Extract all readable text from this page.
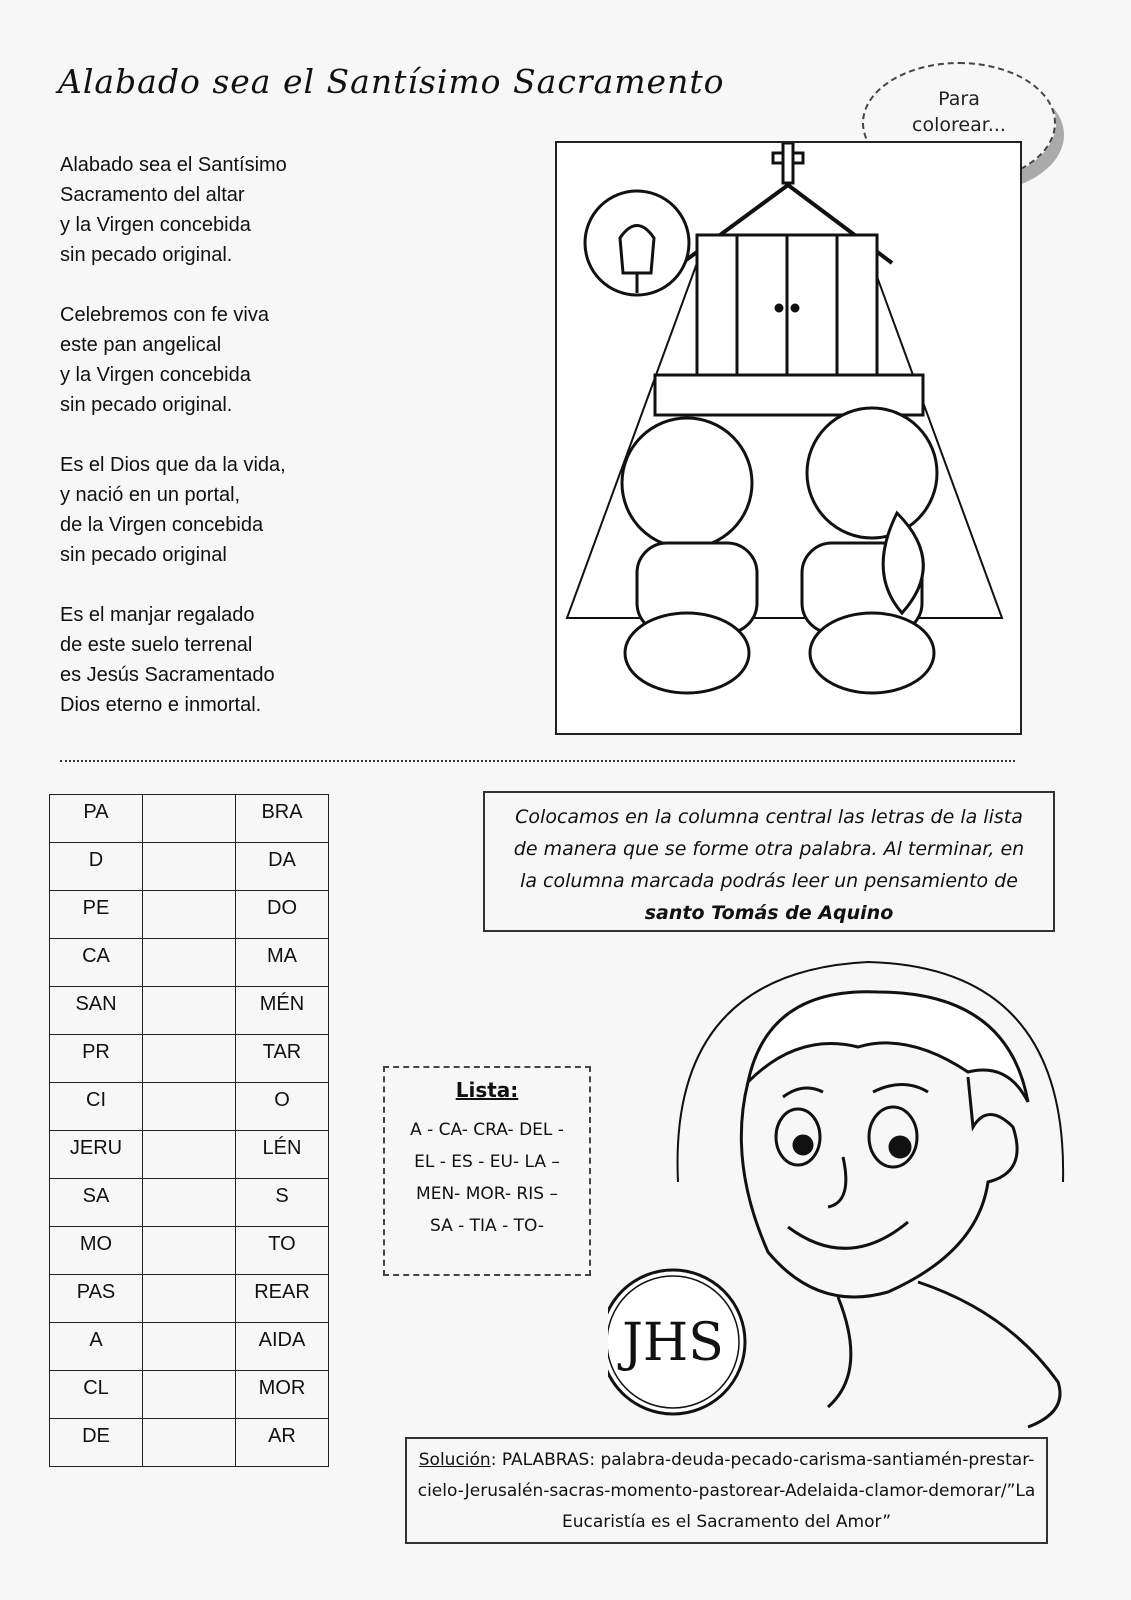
Alabado sea el Santísimo Sacramento	Para
colorear...
Alabado sea el Santísimo
Sacramento del altar
y la Virgen concebida
sin pecado original.
Celebremos con fe viva
este pan angelical
y la Virgen concebida
sin pecado original.
Es el Dios que da la vida,
y nació en un portal,
de la Virgen concebida
sin pecado original
Es el manjar regalado
de este suelo terrenal
es Jesús Sacramentado
Dios eterno e inmortal.
PA		BRA
D		DA
PE		DO
CA		MA
SAN		MÉN
PR		TAR
CI		O
JERU		LÉN
SA		S
MO		TO
PAS		REAR
A		AIDA
CL		MOR
DE		AR
Colocamos en la columna central las letras de la lista de manera que se forme otra palabra. Al terminar, en la columna marcada podrás leer un pensamiento de santo Tomás de Aquino
Lista:
A - CA- CRA- DEL -
EL - ES - EU- LA –
MEN- MOR- RIS –
SA - TIA - TO-
JHS
Solución: PALABRAS: palabra-deuda-pecado-carisma-santiamén-prestar-cielo-Jerusalén-sacras-momento-pastorear-Adelaida-clamor-demorar/”La Eucaristía es el Sacramento del Amor”
